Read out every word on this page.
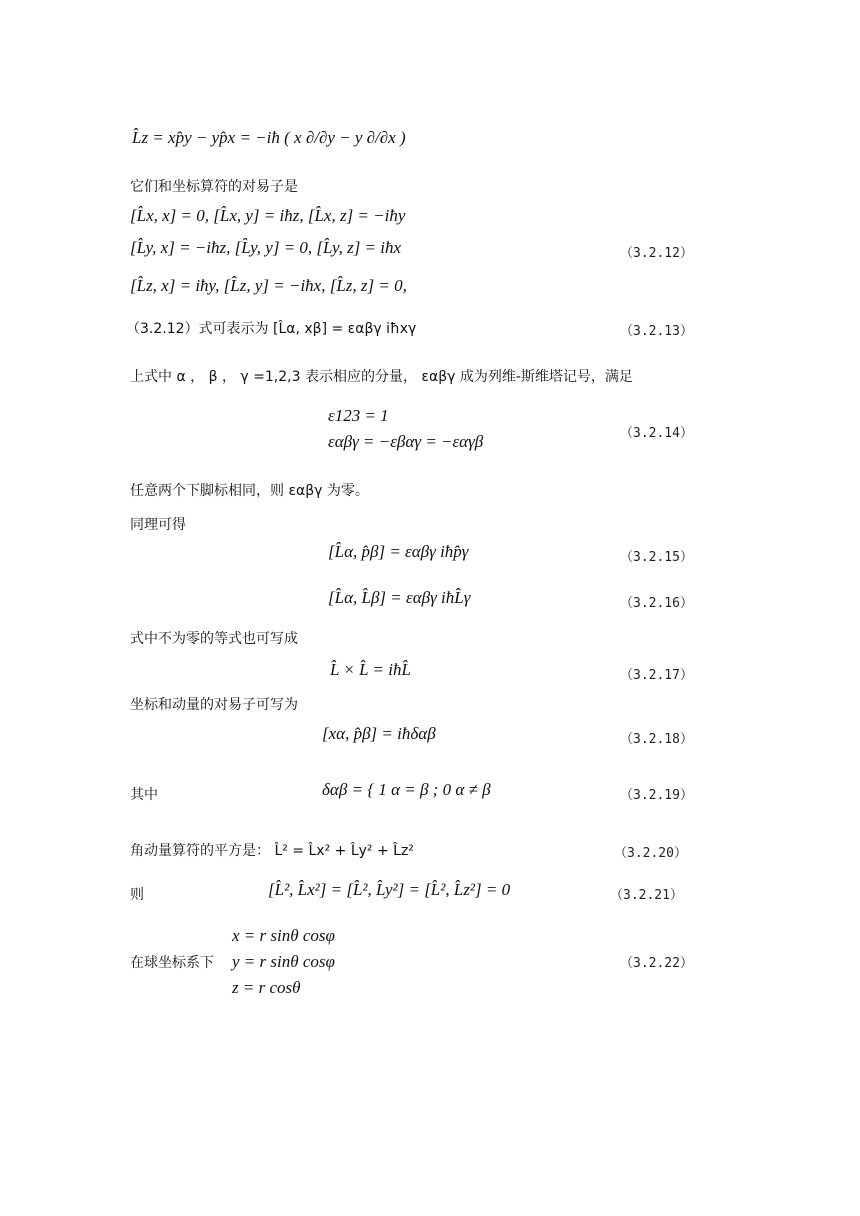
L̂z = xp̂y − yp̂x = −iħ ( x ∂/∂y − y ∂/∂x )
它们和坐标算符的对易子是
[L̂x, x] = 0, [L̂x, y] = iħz, [L̂x, z] = −iħy
[L̂y, x] = −iħz, [L̂y, y] = 0, [L̂y, z] = iħx
[L̂z, x] = iħy, [L̂z, y] = −iħx, [L̂z, z] = 0,
（3.2.12）
（3.2.12）式可表示为 [L̂α, xβ] = εαβγ iħxγ	（3.2.13）
上式中 α ， β ， γ =1,2,3 表示相应的分量， εαβγ 成为列维-斯维塔记号，满足
ε123 = 1
εαβγ = −εβαγ = −εαγβ	（3.2.14）
任意两个下脚标相同，则 εαβγ 为零。
同理可得
[L̂α, p̂β] = εαβγ iħp̂γ	（3.2.15）
[L̂α, L̂β] = εαβγ iħL̂γ	（3.2.16）
式中不为零的等式也可写成
L̂ × L̂ = iħL̂	（3.2.17）
坐标和动量的对易子可写为
[xα, p̂β] = iħδαβ	（3.2.18）
其中	δαβ = { 1 α = β ; 0 α ≠ β	（3.2.19）
角动量算符的平方是： L̂² = L̂x² + L̂y² + L̂z²	（3.2.20）
则	[L̂², L̂x²] = [L̂², L̂y²] = [L̂², L̂z²] = 0	（3.2.21）
在球坐标系下
x = r sinθ cosφ
y = r sinθ cosφ
z = r cosθ
（3.2.22）
